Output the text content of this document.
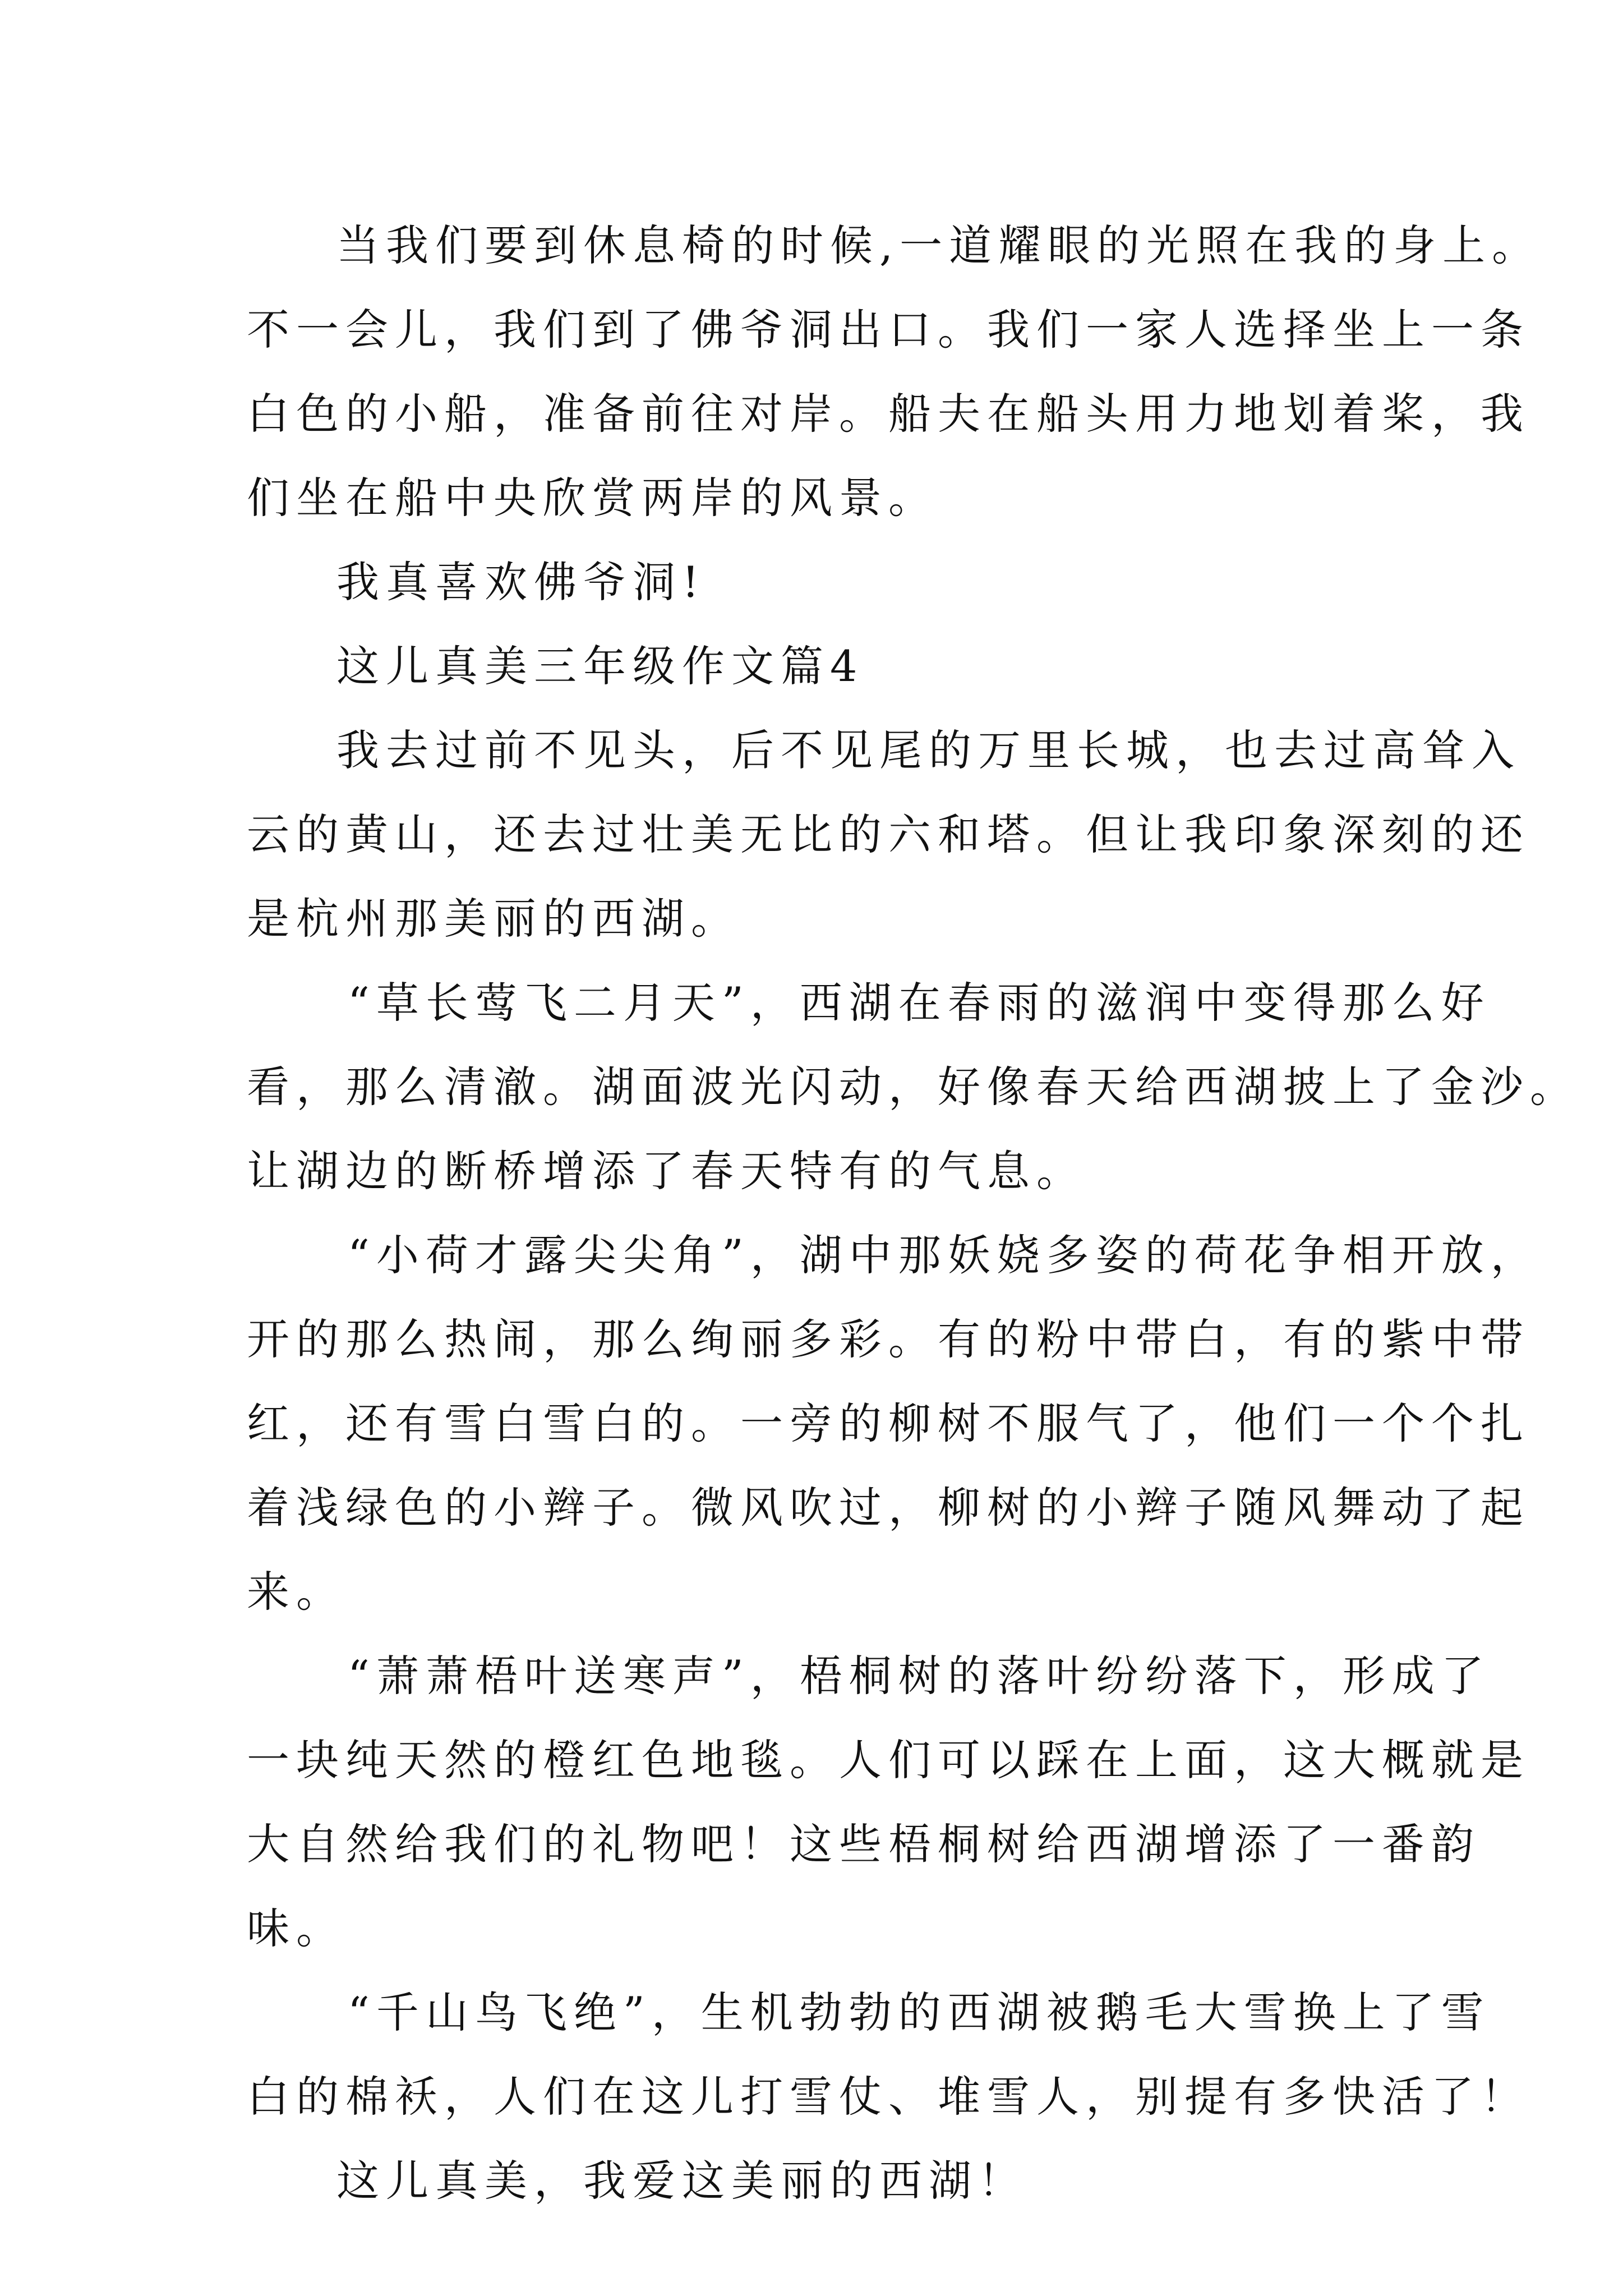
当我们要到休息椅的时候,一道耀眼的光照在我的身上。
不一会儿，我们到了佛爷洞出口。我们一家人选择坐上一条
白色的小船，准备前往对岸。船夫在船头用力地划着桨，我
们坐在船中央欣赏两岸的风景。
我真喜欢佛爷洞!
这儿真美三年级作文篇4
我去过前不见头，后不见尾的万里长城，也去过高耸入
云的黄山，还去过壮美无比的六和塔。但让我印象深刻的还
是杭州那美丽的西湖。
“草长莺飞二月天”，西湖在春雨的滋润中变得那么好
看，那么清澈。湖面波光闪动，好像春天给西湖披上了金沙。
让湖边的断桥增添了春天特有的气息。
“小荷才露尖尖角”，湖中那妖娆多姿的荷花争相开放，
开的那么热闹，那么绚丽多彩。有的粉中带白，有的紫中带
红，还有雪白雪白的。一旁的柳树不服气了，他们一个个扎
着浅绿色的小辫子。微风吹过，柳树的小辫子随风舞动了起
来。
“萧萧梧叶送寒声”，梧桐树的落叶纷纷落下，形成了
一块纯天然的橙红色地毯。人们可以踩在上面，这大概就是
大自然给我们的礼物吧！这些梧桐树给西湖增添了一番韵
味。
“千山鸟飞绝”，生机勃勃的西湖被鹅毛大雪换上了雪
白的棉袄，人们在这儿打雪仗、堆雪人，别提有多快活了！
这儿真美，我爱这美丽的西湖！
